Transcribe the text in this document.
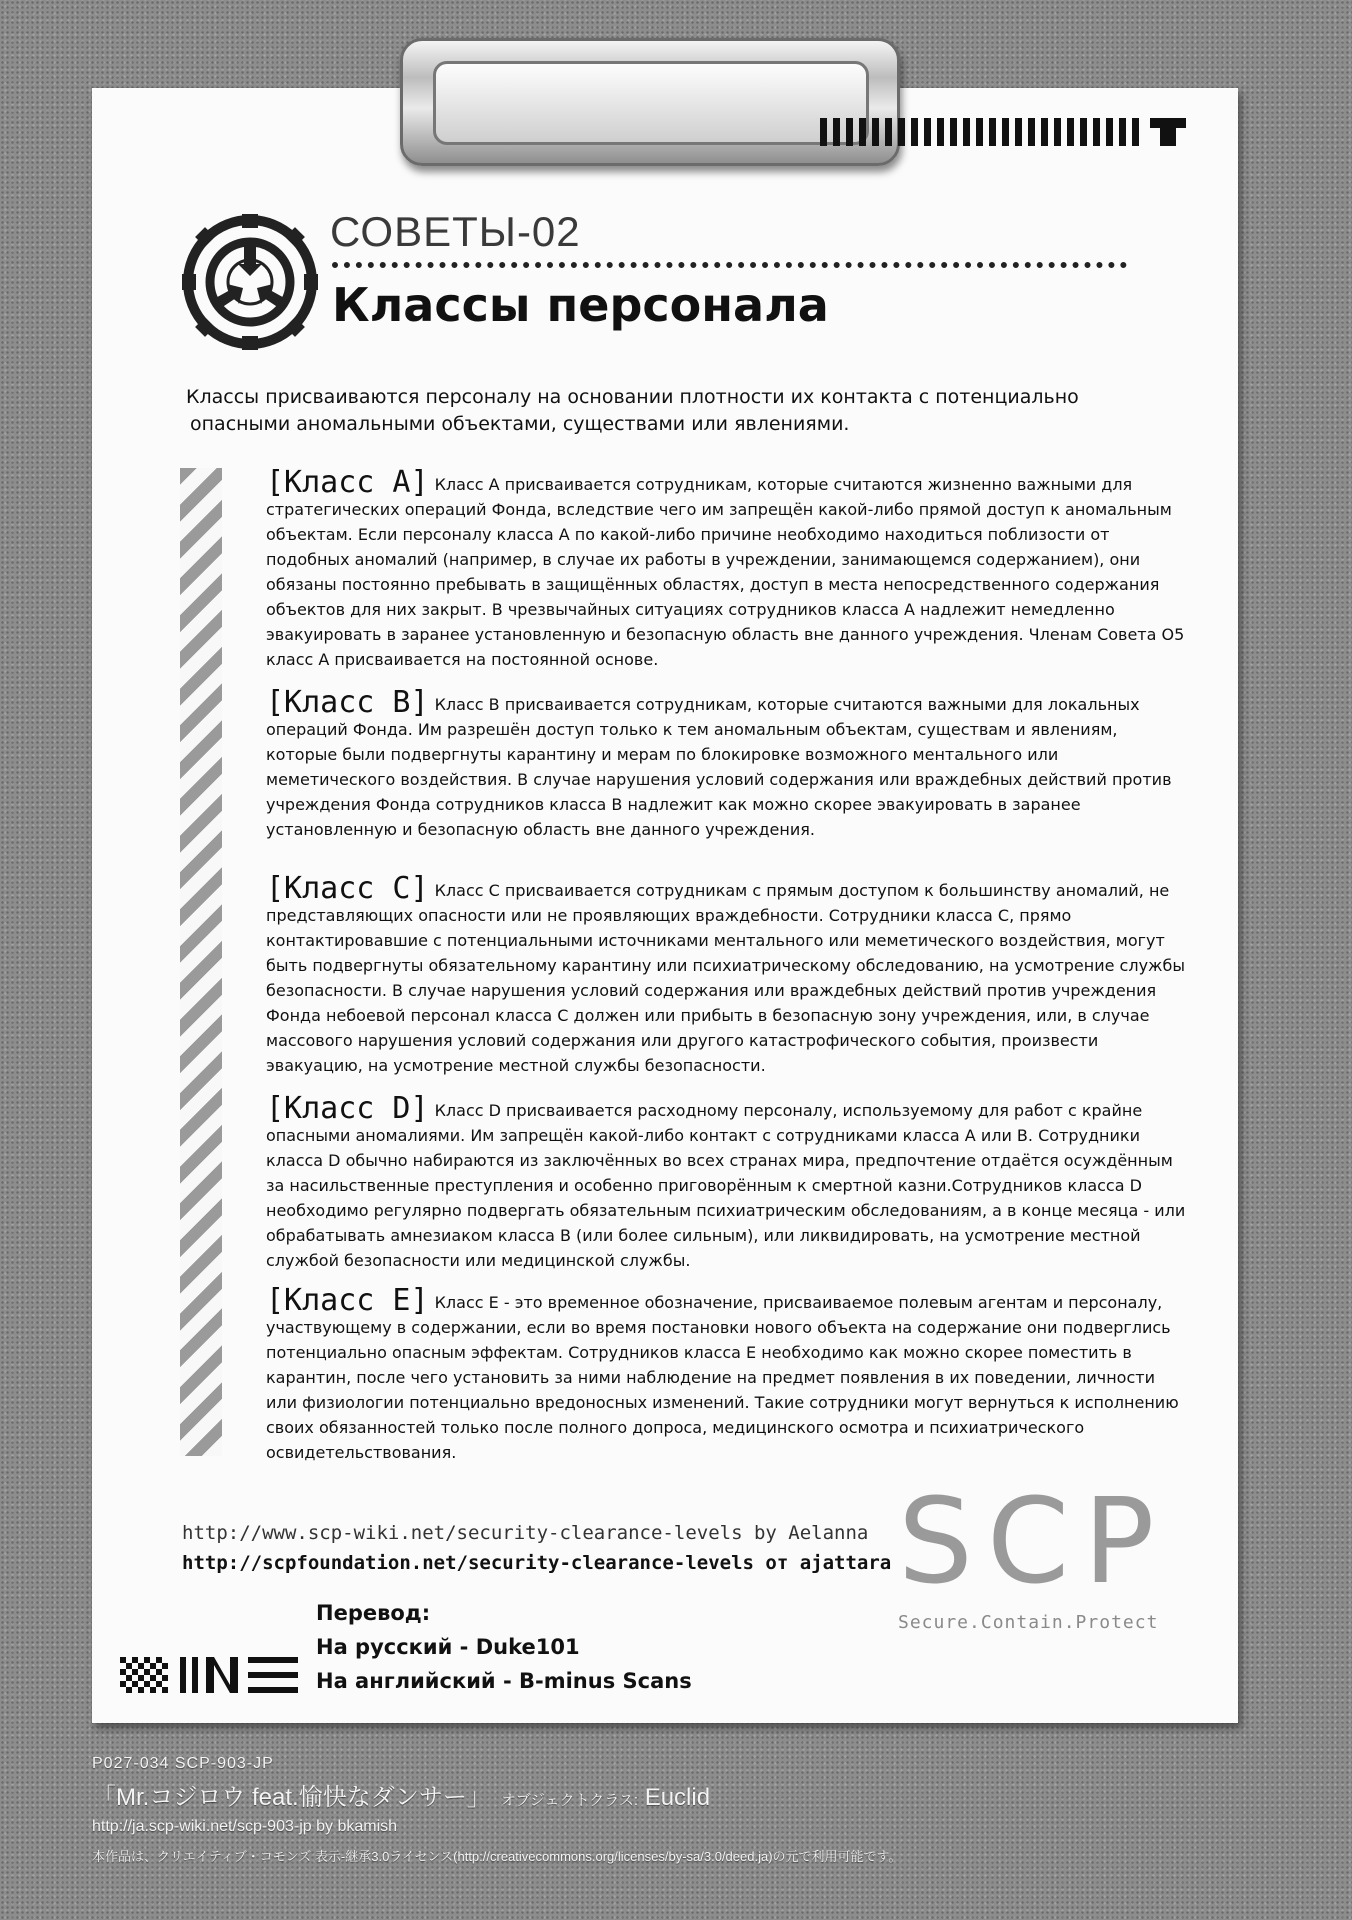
СОВЕТЫ-02
Классы персонала
Классы присваиваются персоналу на основании плотности их контакта с потенциально
опасными аномальными объектами, существами или явлениями.
[Класс А] Класс А присваивается сотрудникам, которые считаются жизненно важными для стратегических операций Фонда, вследствие чего им запрещён какой-либо прямой доступ к аномальным объектам. Если персоналу класса А по какой-либо причине необходимо находиться поблизости от подобных аномалий (например, в случае их работы в учреждении, занимающемся содержанием), они обязаны постоянно пребывать в защищённых областях, доступ в места непосредственного содержания объектов для них закрыт. В чрезвычайных ситуациях сотрудников класса А надлежит немедленно эвакуировать в заранее установленную и безопасную область вне данного учреждения. Членам Совета О5 класс А присваивается на постоянной основе.
[Класс B] Класс B присваивается сотрудникам, которые считаются важными для локальных операций Фонда. Им разрешён доступ только к тем аномальным объектам, существам и явлениям, которые были подвергнуты карантину и мерам по блокировке возможного ментального или меметического воздействия. В случае нарушения условий содержания или враждебных действий против учреждения Фонда сотрудников класса B надлежит как можно скорее эвакуировать в заранее установленную и безопасную область вне данного учреждения.
[Класс C] Класс C присваивается сотрудникам с прямым доступом к большинству аномалий, не представляющих опасности или не проявляющих враждебности. Сотрудники класса C, прямо контактировавшие с потенциальными источниками ментального или меметического воздействия, могут быть подвергнуты обязательному карантину или психиатрическому обследованию, на усмотрение службы безопасности. В случае нарушения условий содержания или враждебных действий против учреждения Фонда небоевой персонал класса C должен или прибыть в безопасную зону учреждения, или, в случае массового нарушения условий содержания или другого катастрофического события, произвести эвакуацию, на усмотрение местной службы безопасности.
[Класс D] Класс D присваивается расходному персоналу, используемому для работ с крайне опасными аномалиями. Им запрещён какой-либо контакт с сотрудниками класса A или B. Сотрудники класса D обычно набираются из заключённых во всех странах мира, предпочтение отдаётся осуждённым за насильственные преступления и особенно приговорённым к смертной казни.Сотрудников класса D необходимо регулярно подвергать обязательным психиатрическим обследованиям, а в конце месяца - или обрабатывать амнезиаком класса B (или более сильным), или ликвидировать, на усмотрение местной службой безопасности или медицинской службы.
[Класс E] Класс E - это временное обозначение, присваиваемое полевым агентам и персоналу, участвующему в содержании, если во время постановки нового объекта на содержание они подверглись потенциально опасным эффектам. Сотрудников класса E необходимо как можно скорее поместить в карантин, после чего установить за ними наблюдение на предмет появления в их поведении, личности или физиологии потенциально вредоносных изменений. Такие сотрудники могут вернуться к исполнению своих обязанностей только после полного допроса, медицинского осмотра и психиатрического освидетельствования.
http://www.scp-wiki.net/security-clearance-levels by Aelanna
http://scpfoundation.net/security-clearance-levels от ajattara SCP
Secure.Contain.Protect
Перевод:
На русский - Duke101
На английский - B-minus Scans
P027-034 SCP-903-JP
「Mr.コジロウ feat.愉快なダンサー」 オブジェクトクラス: Euclid
http://ja.scp-wiki.net/scp-903-jp by bkamish
本作品は、クリエイティブ・コモンズ 表示-継承3.0ライセンス(http://creativecommons.org/licenses/by-sa/3.0/deed.ja)の元で利用可能です。
